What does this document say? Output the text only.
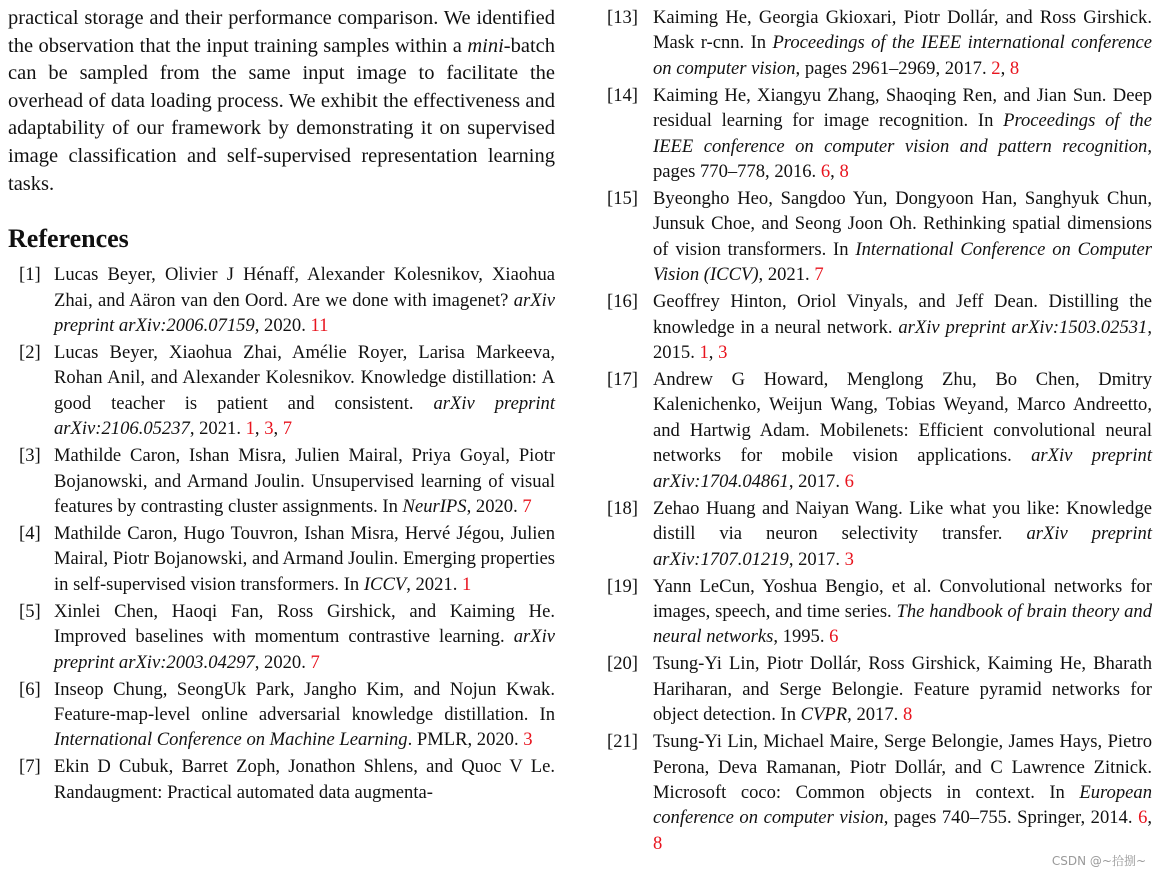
practical storage and their performance comparison. We identified the observation that the input training samples within a mini-batch can be sampled from the same input image to facilitate the overhead of data loading process. We exhibit the effectiveness and adaptability of our framework by demonstrating it on supervised image classification and self-supervised representation learning tasks.

References

[1] Lucas Beyer, Olivier J Hénaff, Alexander Kolesnikov, Xiaohua Zhai, and Aäron van den Oord. Are we done with imagenet? arXiv preprint arXiv:2006.07159, 2020. 11

[2] Lucas Beyer, Xiaohua Zhai, Amélie Royer, Larisa Markeeva, Rohan Anil, and Alexander Kolesnikov. Knowledge distillation: A good teacher is patient and consistent. arXiv preprint arXiv:2106.05237, 2021. 1, 3, 7

[3] Mathilde Caron, Ishan Misra, Julien Mairal, Priya Goyal, Piotr Bojanowski, and Armand Joulin. Unsupervised learning of visual features by contrasting cluster assignments. In NeurIPS, 2020. 7

[4] Mathilde Caron, Hugo Touvron, Ishan Misra, Hervé Jégou, Julien Mairal, Piotr Bojanowski, and Armand Joulin. Emerging properties in self-supervised vision transformers. In ICCV, 2021. 1

[5] Xinlei Chen, Haoqi Fan, Ross Girshick, and Kaiming He. Improved baselines with momentum contrastive learning. arXiv preprint arXiv:2003.04297, 2020. 7

[6] Inseop Chung, SeongUk Park, Jangho Kim, and Nojun Kwak. Feature-map-level online adversarial knowledge distillation. In International Conference on Machine Learning. PMLR, 2020. 3

[7] Ekin D Cubuk, Barret Zoph, Jonathon Shlens, and Quoc V Le. Randaugment: Practical automated data augmenta-

[13] Kaiming He, Georgia Gkioxari, Piotr Dollár, and Ross Girshick. Mask r-cnn. In Proceedings of the IEEE international conference on computer vision, pages 2961–2969, 2017. 2, 8

[14] Kaiming He, Xiangyu Zhang, Shaoqing Ren, and Jian Sun. Deep residual learning for image recognition. In Proceedings of the IEEE conference on computer vision and pattern recognition, pages 770–778, 2016. 6, 8

[15] Byeongho Heo, Sangdoo Yun, Dongyoon Han, Sanghyuk Chun, Junsuk Choe, and Seong Joon Oh. Rethinking spatial dimensions of vision transformers. In International Conference on Computer Vision (ICCV), 2021. 7

[16] Geoffrey Hinton, Oriol Vinyals, and Jeff Dean. Distilling the knowledge in a neural network. arXiv preprint arXiv:1503.02531, 2015. 1, 3

[17] Andrew G Howard, Menglong Zhu, Bo Chen, Dmitry Kalenichenko, Weijun Wang, Tobias Weyand, Marco Andreetto, and Hartwig Adam. Mobilenets: Efficient convolutional neural networks for mobile vision applications. arXiv preprint arXiv:1704.04861, 2017. 6

[18] Zehao Huang and Naiyan Wang. Like what you like: Knowledge distill via neuron selectivity transfer. arXiv preprint arXiv:1707.01219, 2017. 3

[19] Yann LeCun, Yoshua Bengio, et al. Convolutional networks for images, speech, and time series. The handbook of brain theory and neural networks, 1995. 6

[20] Tsung-Yi Lin, Piotr Dollár, Ross Girshick, Kaiming He, Bharath Hariharan, and Serge Belongie. Feature pyramid networks for object detection. In CVPR, 2017. 8

[21] Tsung-Yi Lin, Michael Maire, Serge Belongie, James Hays, Pietro Perona, Deva Ramanan, Piotr Dollár, and C Lawrence Zitnick. Microsoft coco: Common objects in context. In European conference on computer vision, pages 740–755. Springer, 2014. 6, 8

CSDN @~拾捌~
